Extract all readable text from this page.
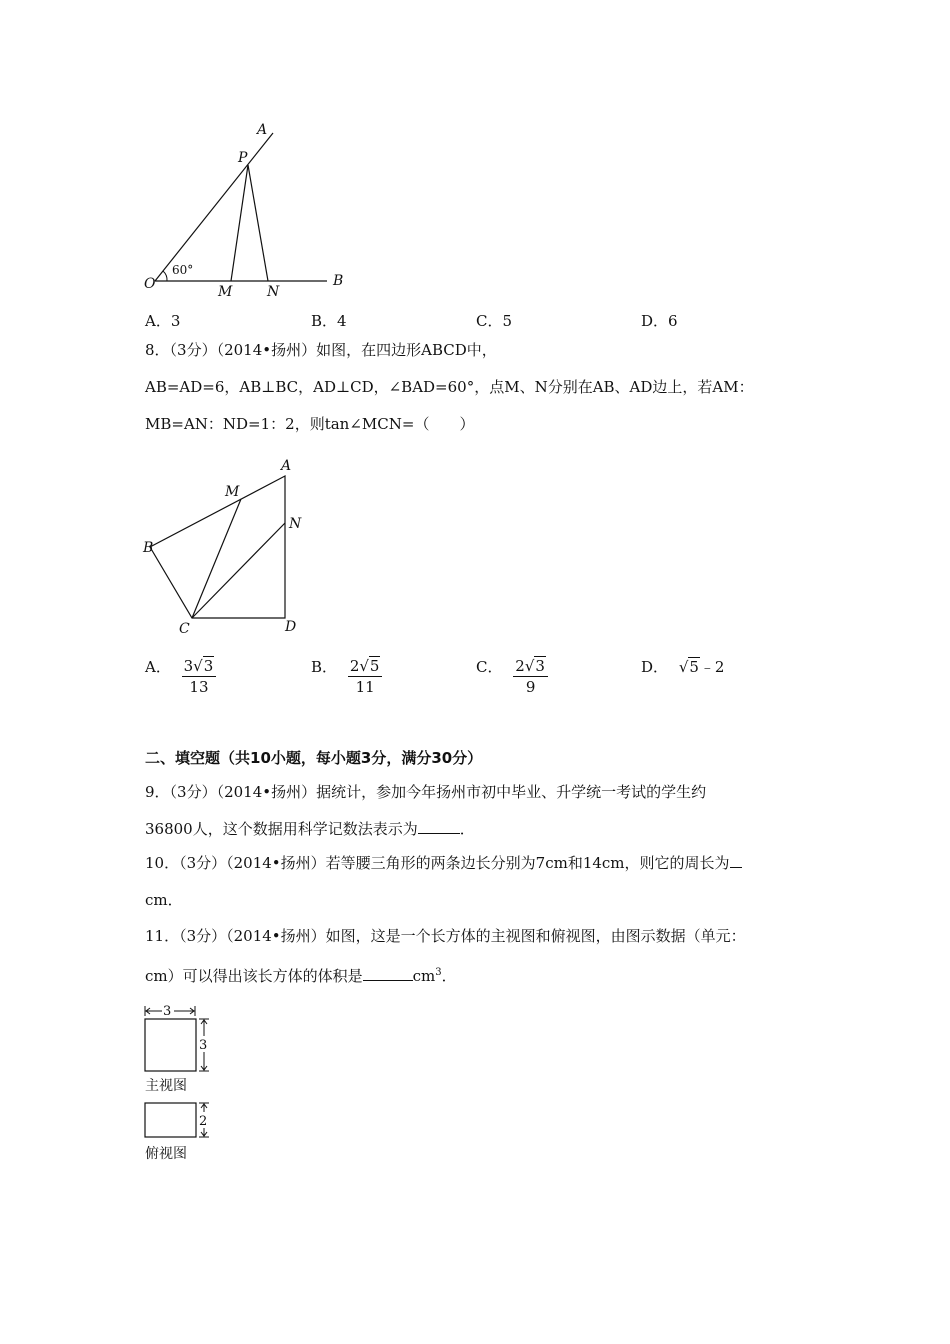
A
P
O	B
M N
60°
A．3	B．4	C．5	D．6
8．（3分）（2014•扬州）如图，在四边形ABCD中，
AB=AD=6，AB⊥BC，AD⊥CD，∠BAD=60°，点M、N分别在AB、AD边上，若AM：
MB=AN：ND=1：2，则tan∠MCN=（　　）
A
M
N
B
C	D
A． $\frac{3√3}{13}$	B． $\frac{2√5}{11}$	C． $\frac{2√3}{9}$	D． √5﹣2
二、填空题（共10小题，每小题3分，满分30分）
9．（3分）（2014•扬州）据统计，参加今年扬州市初中毕业、升学统一考试的学生约
36800人，这个数据用科学记数法表示为	．
10．（3分）（2014•扬州）若等腰三角形的两条边长分别为7cm和14cm，则它的周长为
cm．
11．（3分）（2014•扬州）如图，这是一个长方体的主视图和俯视图，由图示数据（单元：
cm）可以得出该长方体的体积是	$cm^3$．
3
3
主视图
2
俯视图
